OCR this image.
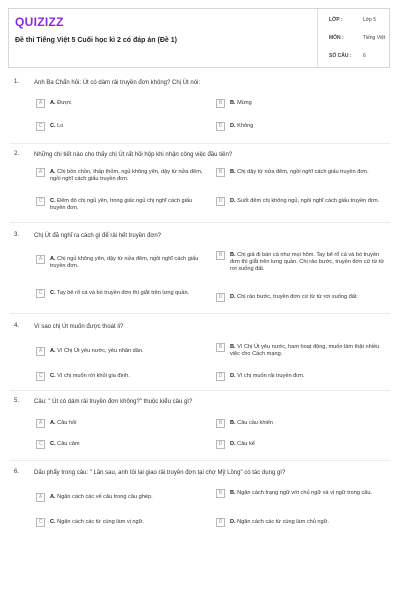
QUIZIZZ
Đề thi Tiếng Việt 5 Cuối học kì 2 có đáp án (Đề 1)
LỚP :	Lớp 5
MÔN :	Tiếng Việt
SỐ CÂU : 6
1. Anh Ba Chẩn hỏi: Út có dám rải truyền đơn không? Chị Út nói:
A	A. Được	B	B. Mừng
C	C. Lo	D	D. Không
2. Những chi tiết nào cho thấy chị Út rất hồi hộp khi nhận công việc đầu tiên?
A	A. Chị bồn chồn, thấp thỏm, ngủ không yên, dậy từ nửa đêm, ngồi nghĩ cách giấu truyền đơn.
B	B. Chị dậy từ nửa đêm, ngồi nghĩ cách giấu truyền đơn.
C	C. Đêm đó chị ngủ yên, trong giấc ngủ chị nghĩ cách giấu truyền đơn.
D	D. Suốt đêm chị không ngủ, ngồi nghĩ cách giấu truyền đơn.
3. Chị Út đã nghĩ ra cách gì để rải hết truyền đơn?
A	A. Chị ngủ không yên, dậy từ nửa đêm, ngồi nghĩ cách giấu truyền đơn.
B	B. Chị giả đi bán cá như mọi hôm. Tay bê rổ cá và bó truyền đơn thì giắt trên lưng quần. Chị rảo bước, truyền đơn cứ từ từ rơi xuống đất.
C	C. Tay bê rổ cá và bó truyền đơn thì giắt trên lưng quần.
D	D. Chị rảo bước, truyền đơn cứ từ từ rơi xuống đất.
4. Vì sao chị Út muốn được thoát li?
A	A. Vì Chị Út yêu nước, yêu nhân dân.
B	B. Vì Chị Út yêu nước, ham hoạt động, muốn làm thật nhiều việc cho Cách mạng.
C	C. Vì chị muốn rời khỏi gia đình.	D	D. Vì chị muốn rải truyền đơn.
5. Câu: " Út có dám rải truyền đơn không?" thuộc kiểu câu gì?
A	A. Câu hỏi	B	B. Câu cầu khiến
C	C. Câu cảm	D	D. Câu kể
6. Dấu phẩy trong câu: " Lần sau, anh tôi lại giao rải truyền đơn tại chợ Mỹ Lồng" có tác dụng gì?
A	A. Ngăn cách các vế câu trong câu ghép.
B	B. Ngăn cách trạng ngữ với chủ ngữ và vị ngữ trong câu.
C	C. Ngăn cách các từ cùng làm vị ngữ.	D	D. Ngăn cách các từ cùng làm chủ ngữ.
